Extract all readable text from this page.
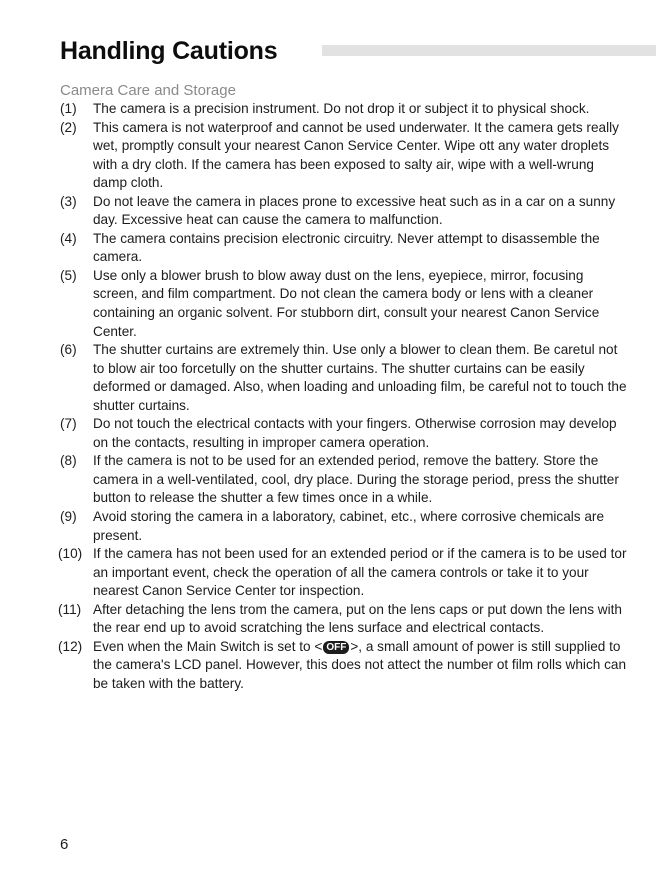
Handling Cautions
Camera Care and Storage
(1)	The camera is a precision instrument. Do not drop it or subject it to physical shock.
(2)	This camera is not waterproof and cannot be used underwater. It the camera gets really wet, promptly consult your nearest Canon Service Center. Wipe ott any water droplets with a dry cloth. If the camera has been exposed to salty air, wipe with a well-wrung damp cloth.
(3)	Do not leave the camera in places prone to excessive heat such as in a car on a sunny day. Excessive heat can cause the camera to malfunction.
(4)	The camera contains precision electronic circuitry. Never attempt to disassemble the camera.
(5)	Use only a blower brush to blow away dust on the lens, eyepiece, mirror, focusing screen, and film compartment. Do not clean the camera body or lens with a cleaner containing an organic solvent. For stubborn dirt, consult your nearest Canon Service Center.
(6)	The shutter curtains are extremely thin. Use only a blower to clean them. Be caretul not to blow air too forcetully on the shutter curtains. The shutter curtains can be easily deformed or damaged. Also, when loading and unloading film, be careful not to touch the shutter curtains.
(7)	Do not touch the electrical contacts with your fingers. Otherwise corrosion may develop on the contacts, resulting in improper camera operation.
(8)	If the camera is not to be used for an extended period, remove the battery. Store the camera in a well-ventilated, cool, dry place. During the storage period, press the shutter button to release the shutter a few times once in a while.
(9)	Avoid storing the camera in a laboratory, cabinet, etc., where corrosive chemicals are present.
(10) If the camera has not been used for an extended period or if the camera is to be used tor an important event, check the operation of all the camera controls or take it to your nearest Canon Service Center tor inspection.
(11) After detaching the lens trom the camera, put on the lens caps or put down the lens with the rear end up to avoid scratching the lens surface and electrical contacts.
(12) Even when the Main Switch is set to < OFF >, a small amount of power is still supplied to the camera's LCD panel. However, this does not attect the number ot film rolls which can be taken with the battery.
6
